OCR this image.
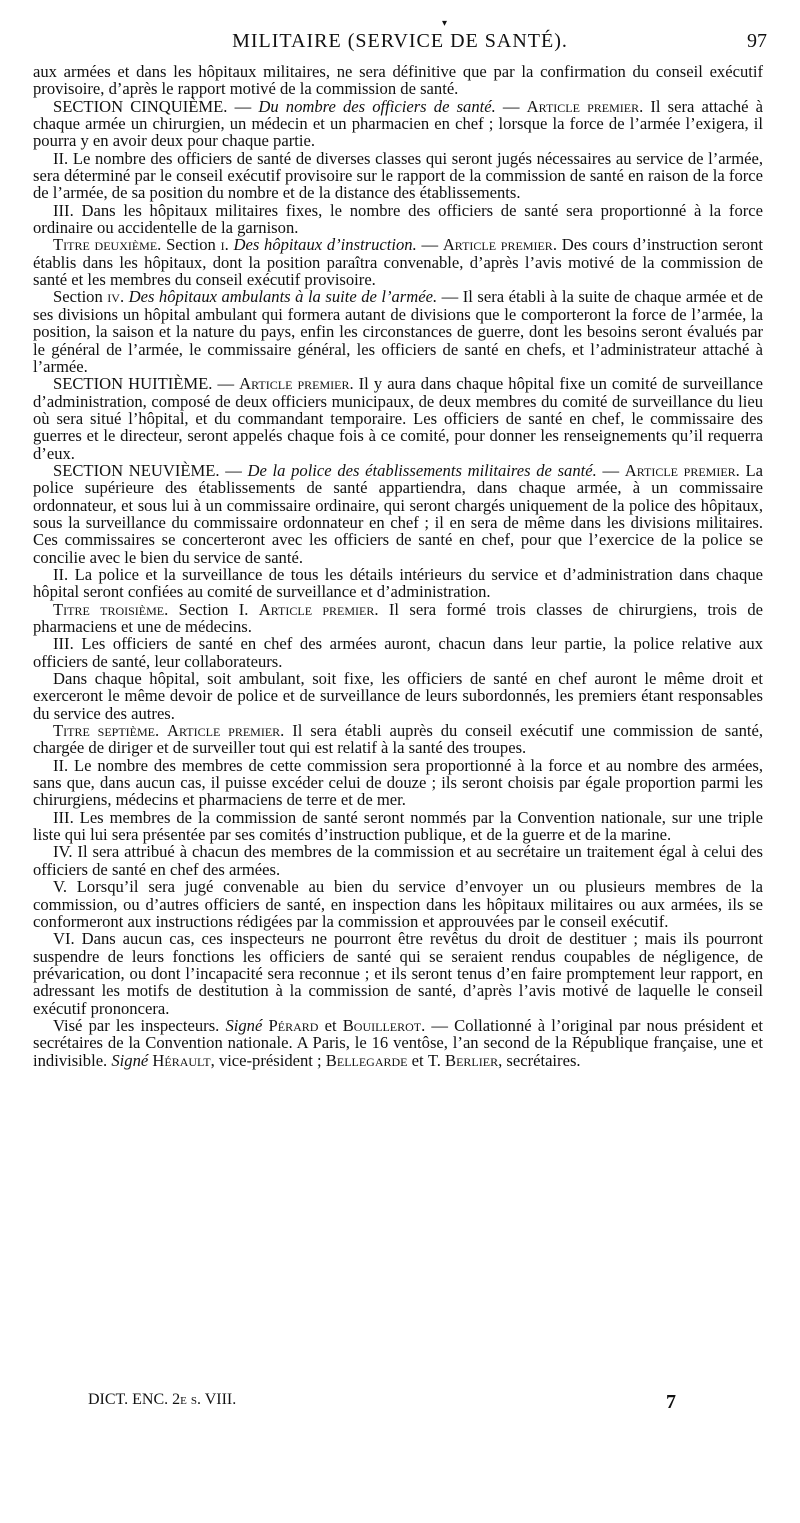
▾
MILITAIRE (SERVICE DE SANTÉ).	97

aux armées et dans les hôpitaux militaires, ne sera définitive que par la confirmation du conseil exécutif provisoire, d’après le rapport motivé de la commission de santé.

SECTION CINQUIÈME. — Du nombre des officiers de santé. — Article premier. Il sera attaché à chaque armée un chirurgien, un médecin et un pharmacien en chef ; lorsque la force de l’armée l’exigera, il pourra y en avoir deux pour chaque partie.

II. Le nombre des officiers de santé de diverses classes qui seront jugés nécessaires au service de l’armée, sera déterminé par le conseil exécutif provisoire sur le rapport de la commission de santé en raison de la force de l’armée, de sa position du nombre et de la distance des établissements.

III. Dans les hôpitaux militaires fixes, le nombre des officiers de santé sera proportionné à la force ordinaire ou accidentelle de la garnison.

Titre deuxième. Section i. Des hôpitaux d’instruction. — Article premier. Des cours d’instruction seront établis dans les hôpitaux, dont la position paraîtra convenable, d’après l’avis motivé de la commission de santé et les membres du conseil exécutif provisoire.

Section iv. Des hôpitaux ambulants à la suite de l’armée. — Il sera établi à la suite de chaque armée et de ses divisions un hôpital ambulant qui formera autant de divisions que le comporteront la force de l’armée, la position, la saison et la nature du pays, enfin les circonstances de guerre, dont les besoins seront évalués par le général de l’armée, le commissaire général, les officiers de santé en chefs, et l’administrateur attaché à l’armée.

SECTION HUITIÈME. — Article premier. Il y aura dans chaque hôpital fixe un comité de surveillance d’administration, composé de deux officiers municipaux, de deux membres du comité de surveillance du lieu où sera situé l’hôpital, et du commandant temporaire. Les officiers de santé en chef, le commissaire des guerres et le directeur, seront appelés chaque fois à ce comité, pour donner les renseignements qu’il requerra d’eux.

SECTION NEUVIÈME. — De la police des établissements militaires de santé. — Article premier. La police supérieure des établissements de santé appartiendra, dans chaque armée, à un commissaire ordonnateur, et sous lui à un commissaire ordinaire, qui seront chargés uniquement de la police des hôpitaux, sous la surveillance du commissaire ordonnateur en chef ; il en sera de même dans les divisions militaires. Ces commissaires se concerteront avec les officiers de santé en chef, pour que l’exercice de la police se concilie avec le bien du service de santé.

II. La police et la surveillance de tous les détails intérieurs du service et d’administration dans chaque hôpital seront confiées au comité de surveillance et d’administration.

Titre troisième. Section I. Article premier. Il sera formé trois classes de chirurgiens, trois de pharmaciens et une de médecins.

III. Les officiers de santé en chef des armées auront, chacun dans leur partie, la police relative aux officiers de santé, leur collaborateurs.

Dans chaque hôpital, soit ambulant, soit fixe, les officiers de santé en chef auront le même droit et exerceront le même devoir de police et de surveillance de leurs subordonnés, les premiers étant responsables du service des autres.

Titre septième. Article premier. Il sera établi auprès du conseil exécutif une commission de santé, chargée de diriger et de surveiller tout qui est relatif à la santé des troupes.

II. Le nombre des membres de cette commission sera proportionné à la force et au nombre des armées, sans que, dans aucun cas, il puisse excéder celui de douze ; ils seront choisis par égale proportion parmi les chirurgiens, médecins et pharmaciens de terre et de mer.

III. Les membres de la commission de santé seront nommés par la Convention nationale, sur une triple liste qui lui sera présentée par ses comités d’instruction publique, et de la guerre et de la marine.

IV. Il sera attribué à chacun des membres de la commission et au secrétaire un traitement égal à celui des officiers de santé en chef des armées.

V. Lorsqu’il sera jugé convenable au bien du service d’envoyer un ou plusieurs membres de la commission, ou d’autres officiers de santé, en inspection dans les hôpitaux militaires ou aux armées, ils se conformeront aux instructions rédigées par la commission et approuvées par le conseil exécutif.

VI. Dans aucun cas, ces inspecteurs ne pourront être revêtus du droit de destituer ; mais ils pourront suspendre de leurs fonctions les officiers de santé qui se seraient rendus coupables de négligence, de prévarication, ou dont l’incapacité sera reconnue ; et ils seront tenus d’en faire promptement leur rapport, en adressant les motifs de destitution à la commission de santé, d’après l’avis motivé de laquelle le conseil exécutif prononcera.

Visé par les inspecteurs. Signé Pérard et Bouillerot. — Collationné à l’original par nous président et secrétaires de la Convention nationale. A Paris, le 16 ventôse, l’an second de la République française, une et indivisible. Signé Hérault, vice-président ; Bellegarde et T. Berlier, secrétaires.

DICT. ENC. 2e s. VIII.	7
